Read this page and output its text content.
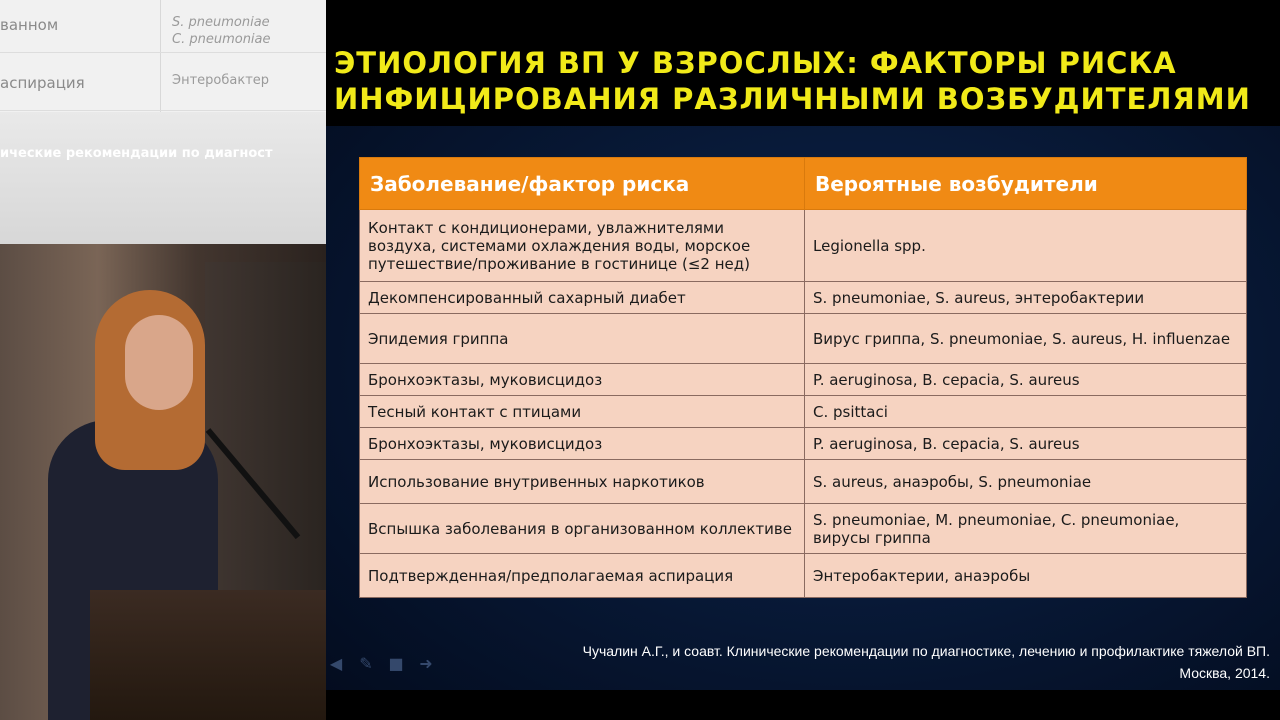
ванном	S. pneumoniae
C. pneumoniae
аспирация	Энтеробактер
ические рекомендации по диагност
ЭТИОЛОГИЯ ВП У ВЗРОСЛЫХ: ФАКТОРЫ РИСКА
ИНФИЦИРОВАНИЯ РАЗЛИЧНЫМИ ВОЗБУДИТЕЛЯМИ
Заболевание/фактор риска	Вероятные возбудители
Контакт с кондиционерами, увлажнителями воздуха, системами охлаждения воды, морское путешествие/проживание в гостинице (≤2 нед)	Legionella spp.
Декомпенсированный сахарный диабет	S. pneumoniae, S. aureus, энтеробактерии
Эпидемия гриппа	Вирус гриппа, S. pneumoniae, S. aureus, H. influenzae
Бронхоэктазы, муковисцидоз	P. aeruginosa, B. cepacia, S. aureus
Тесный контакт с птицами	C. psittaci
Бронхоэктазы, муковисцидоз	P. aeruginosa, B. cepacia, S. aureus
Использование внутривенных наркотиков	S. aureus, анаэробы, S. pneumoniae
Вспышка заболевания в организованном коллективе	S. pneumoniae, M. pneumoniae, C. pneumoniae, вирусы гриппа
Подтвержденная/предполагаемая аспирация	Энтеробактерии, анаэробы
◀ ✎ ■ ➜
Чучалин А.Г., и соавт. Клинические рекомендации по диагностике, лечению и профилактике тяжелой ВП.
Москва, 2014.
